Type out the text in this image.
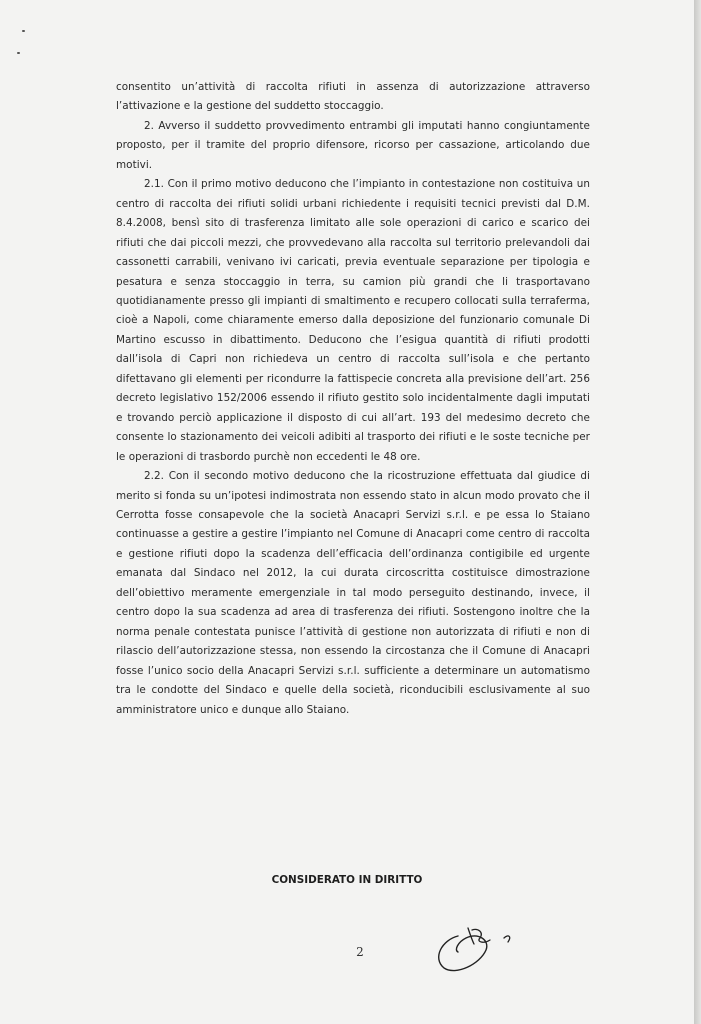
consentito un’attività di raccolta rifiuti in assenza di autorizzazione attraverso l’attivazione e la gestione del suddetto stoccaggio.

2. Avverso il suddetto provvedimento entrambi gli imputati hanno congiuntamente proposto, per il tramite del proprio difensore, ricorso per cassazione, articolando due motivi.

2.1. Con il primo motivo deducono che l’impianto in contestazione non costituiva un centro di raccolta dei rifiuti solidi urbani richiedente i requisiti tecnici previsti dal D.M. 8.4.2008, bensì sito di trasferenza limitato alle sole operazioni di carico e scarico dei rifiuti che dai piccoli mezzi, che provvedevano alla raccolta sul territorio prelevandoli dai cassonetti carrabili, venivano ivi caricati, previa eventuale separazione per tipologia e pesatura e senza stoccaggio in terra, su camion più grandi che li trasportavano quotidianamente presso gli impianti di smaltimento e recupero collocati sulla terraferma, cioè a Napoli, come chiaramente emerso dalla deposizione del funzionario comunale Di Martino escusso in dibattimento. Deducono che l’esigua quantità di rifiuti prodotti dall’isola di Capri non richiedeva un centro di raccolta sull’isola e che pertanto difettavano gli elementi per ricondurre la fattispecie concreta alla previsione dell’art. 256 decreto legislativo 152/2006 essendo il rifiuto gestito solo incidentalmente dagli imputati e trovando perciò applicazione il disposto di cui all’art. 193 del medesimo decreto che consente lo stazionamento dei veicoli adibiti al trasporto dei rifiuti e le soste tecniche per le operazioni di trasbordo purchè non eccedenti le 48 ore.

2.2. Con il secondo motivo deducono che la ricostruzione effettuata dal giudice di merito si fonda su un’ipotesi indimostrata non essendo stato in alcun modo provato che il Cerrotta fosse consapevole che la società Anacapri Servizi s.r.l. e pe essa lo Staiano continuasse a gestire a gestire l’impianto nel Comune di Anacapri come centro di raccolta e gestione rifiuti dopo la scadenza dell’efficacia dell’ordinanza contigibile ed urgente emanata dal Sindaco nel 2012, la cui durata circoscritta costituisce dimostrazione dell’obiettivo meramente emergenziale in tal modo perseguito destinando, invece, il centro dopo la sua scadenza ad area di trasferenza dei rifiuti. Sostengono inoltre che la norma penale contestata punisce l’attività di gestione non autorizzata di rifiuti e non di rilascio dell’autorizzazione stessa, non essendo la circostanza che il Comune di Anacapri fosse l’unico socio della Anacapri Servizi s.r.l. sufficiente a determinare un automatismo tra le condotte del Sindaco e quelle della società, riconducibili esclusivamente al suo amministratore unico e dunque allo Staiano.

CONSIDERATO IN DIRITTO
2
